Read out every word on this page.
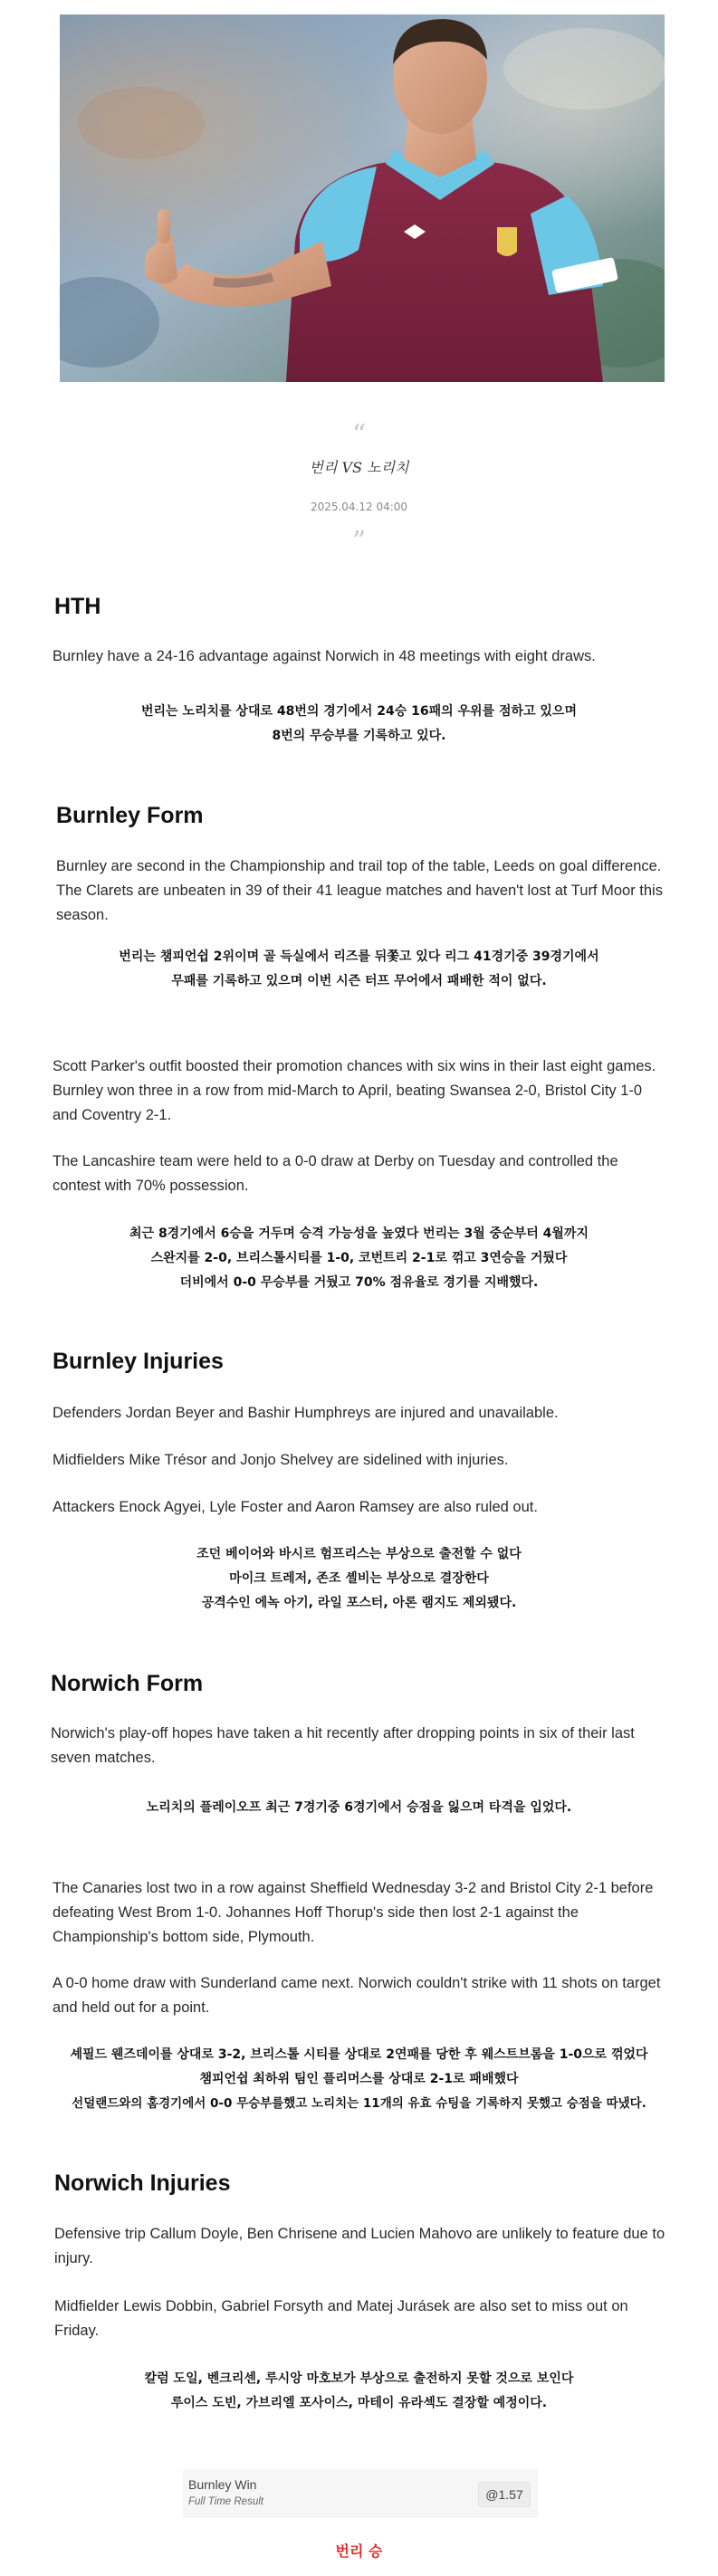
“
번리 VS 노리치
2025.04.12 04:00
”
HTH

Burnley have a 24-16 advantage against Norwich in 48 meetings with eight draws.

번리는 노리치를 상대로 48번의 경기에서 24승 16패의 우위를 점하고 있으며
8번의 무승부를 기록하고 있다.
Burnley Form

Burnley are second in the Championship and trail top of the table, Leeds on goal difference. The Clarets are unbeaten in 39 of their 41 league matches and haven't lost at Turf Moor this season.

번리는 챔피언쉽 2위이며 골 득실에서 리즈를 뒤쫓고 있다 리그 41경기중 39경기에서
무패를 기록하고 있으며 이번 시즌 터프 무어에서 패배한 적이 없다.

Scott Parker's outfit boosted their promotion chances with six wins in their last eight games. Burnley won three in a row from mid-March to April, beating Swansea 2-0, Bristol City 1-0 and Coventry 2-1.

The Lancashire team were held to a 0-0 draw at Derby on Tuesday and controlled the contest with 70% possession.

최근 8경기에서 6승을 거두며 승격 가능성을 높였다 번리는 3월 중순부터 4월까지
스완지를 2-0, 브리스톨시티를 1-0, 코번트리 2-1로 꺾고 3연승을 거뒀다
더비에서 0-0 무승부를 거뒀고 70% 점유율로 경기를 지배했다.
Burnley Injuries

Defenders Jordan Beyer and Bashir Humphreys are injured and unavailable.

Midfielders Mike Trésor and Jonjo Shelvey are sidelined with injuries.

Attackers Enock Agyei, Lyle Foster and Aaron Ramsey are also ruled out.

조던 베이어와 바시르 험프리스는 부상으로 출전할 수 없다
마이크 트레저, 존조 셸비는 부상으로 결장한다
공격수인 에녹 아기, 라일 포스터, 아론 램지도 제외됐다.
Norwich Form

Norwich's play-off hopes have taken a hit recently after dropping points in six of their last seven matches.

노리치의 플레이오프 최근 7경기중 6경기에서 승점을 잃으며 타격을 입었다.

The Canaries lost two in a row against Sheffield Wednesday 3-2 and Bristol City 2-1 before defeating West Brom 1-0. Johannes Hoff Thorup's side then lost 2-1 against the Championship's bottom side, Plymouth.

A 0-0 home draw with Sunderland came next. Norwich couldn't strike with 11 shots on target and held out for a point.

셰필드 웬즈데이를 상대로 3-2, 브리스톨 시티를 상대로 2연패를 당한 후 웨스트브롬을 1-0으로 꺾었다
챔피언쉽 최하위 팀인 플리머스를 상대로 2-1로 패배했다
선덜랜드와의 홈경기에서 0-0 무승부를했고 노리치는 11개의 유효 슈팅을 기록하지 못했고 승점을 따냈다.
Norwich Injuries

Defensive trip Callum Doyle, Ben Chrisene and Lucien Mahovo are unlikely to feature due to injury.

Midfielder Lewis Dobbin, Gabriel Forsyth and Matej Jurásek are also set to miss out on Friday.

칼럼 도일, 벤크리센, 루시앙 마호보가 부상으로 출전하지 못할 것으로 보인다
루이스 도빈, 가브리엘 포사이스, 마테이 유라섹도 결장할 예정이다.
Burnley Win
Full Time Result	@1.57
번리 승
